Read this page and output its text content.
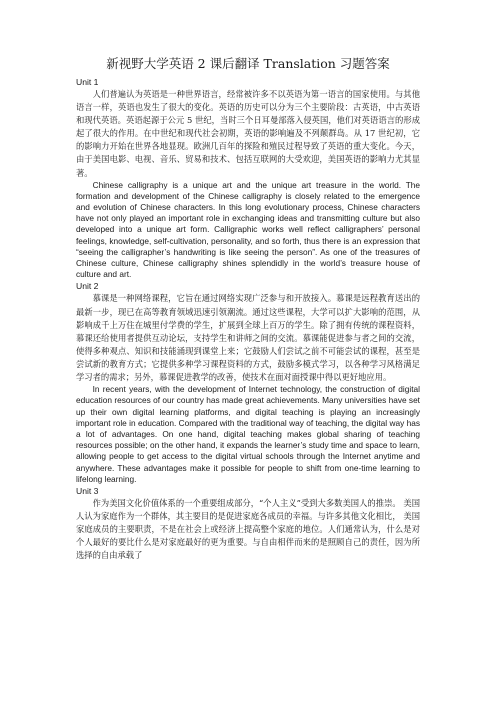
新视野大学英语 2 课后翻译 Translation 习题答案

Unit 1

人们普遍认为英语是一种世界语言，经常被许多不以英语为第一语言的国家使用。与其他语言一样，英语也发生了很大的变化。英语的历史可以分为三个主要阶段：古英语，中古英语和现代英语。英语起源于公元 5 世纪，当时三个日耳曼部落入侵英国，他们对英语语言的形成起了很大的作用。在中世纪和现代社会初期，英语的影响遍及不列颠群岛。从 17 世纪初，它的影响力开始在世界各地显现。欧洲几百年的探险和殖民过程导致了英语的重大变化。今天，由于美国电影、电视、音乐、贸易和技术、包括互联网的大受欢迎，美国英语的影响力尤其显著。

Chinese calligraphy is a unique art and the unique art treasure in the world. The formation and development of the Chinese calligraphy is closely related to the emergence and evolution of Chinese characters. In this long evolutionary process, Chinese characters have not only played an important role in exchanging ideas and transmitting culture but also developed into a unique art form. Calligraphic works well reflect calligraphers’ personal feelings, knowledge, self-cultivation, personality, and so forth, thus there is an expression that “seeing the calligrapher’s handwriting is like seeing the person”. As one of the treasures of Chinese culture, Chinese calligraphy shines splendidly in the world’s treasure house of culture and art.

Unit 2

慕课是一种网络课程，它旨在通过网络实现广泛参与和开放接入。慕课是远程教育送出的最新一步，现已在高等教育领域迅速引领潮流。通过这些课程，大学可以扩大影响的范围，从影响成千上万住在城里付学费的学生，扩展到全球上百万的学生。除了拥有传统的课程资料，慕课还给使用者提供互动论坛，支持学生和讲师之间的交流。慕课能促进参与者之间的交流，使得多种观点、知识和技能涌现到课堂上来；它鼓励人们尝试之前不可能尝试的课程，甚至是尝试新的教育方式；它提供多种学习课程资料的方式，鼓励多模式学习，以各种学习风格满足学习者的需求；另外，慕课促进教学的改善，使技术在面对面授课中得以更好地应用。

In recent years, with the development of Internet technology, the construction of digital education resources of our country has made great achievements. Many universities have set up their own digital learning platforms, and digital teaching is playing an increasingly important role in education. Compared with the traditional way of teaching, the digital way has a lot of advantages. On one hand, digital teaching makes global sharing of teaching resources possible; on the other hand, it expands the learner’s study time and space to learn, allowing people to get access to the digital virtual schools through the Internet anytime and anywhere. These advantages make it possible for people to shift from one-time learning to lifelong learning.

Unit 3

作为美国文化价值体系的一个重要组成部分，“个人主义”受到大多数美国人的推崇。 美国人认为家庭作为一个群体，其主要目的是促进家庭各成员的幸福。与许多其他文化相比， 美国家庭成员的主要职责，不是在社会上或经济上提高整个家庭的地位。人们通常认为，什么是对个人最好的要比什么是对家庭最好的更为重要。与自由相伴而来的是照顾自己的责任，因为所选择的自由承载了
